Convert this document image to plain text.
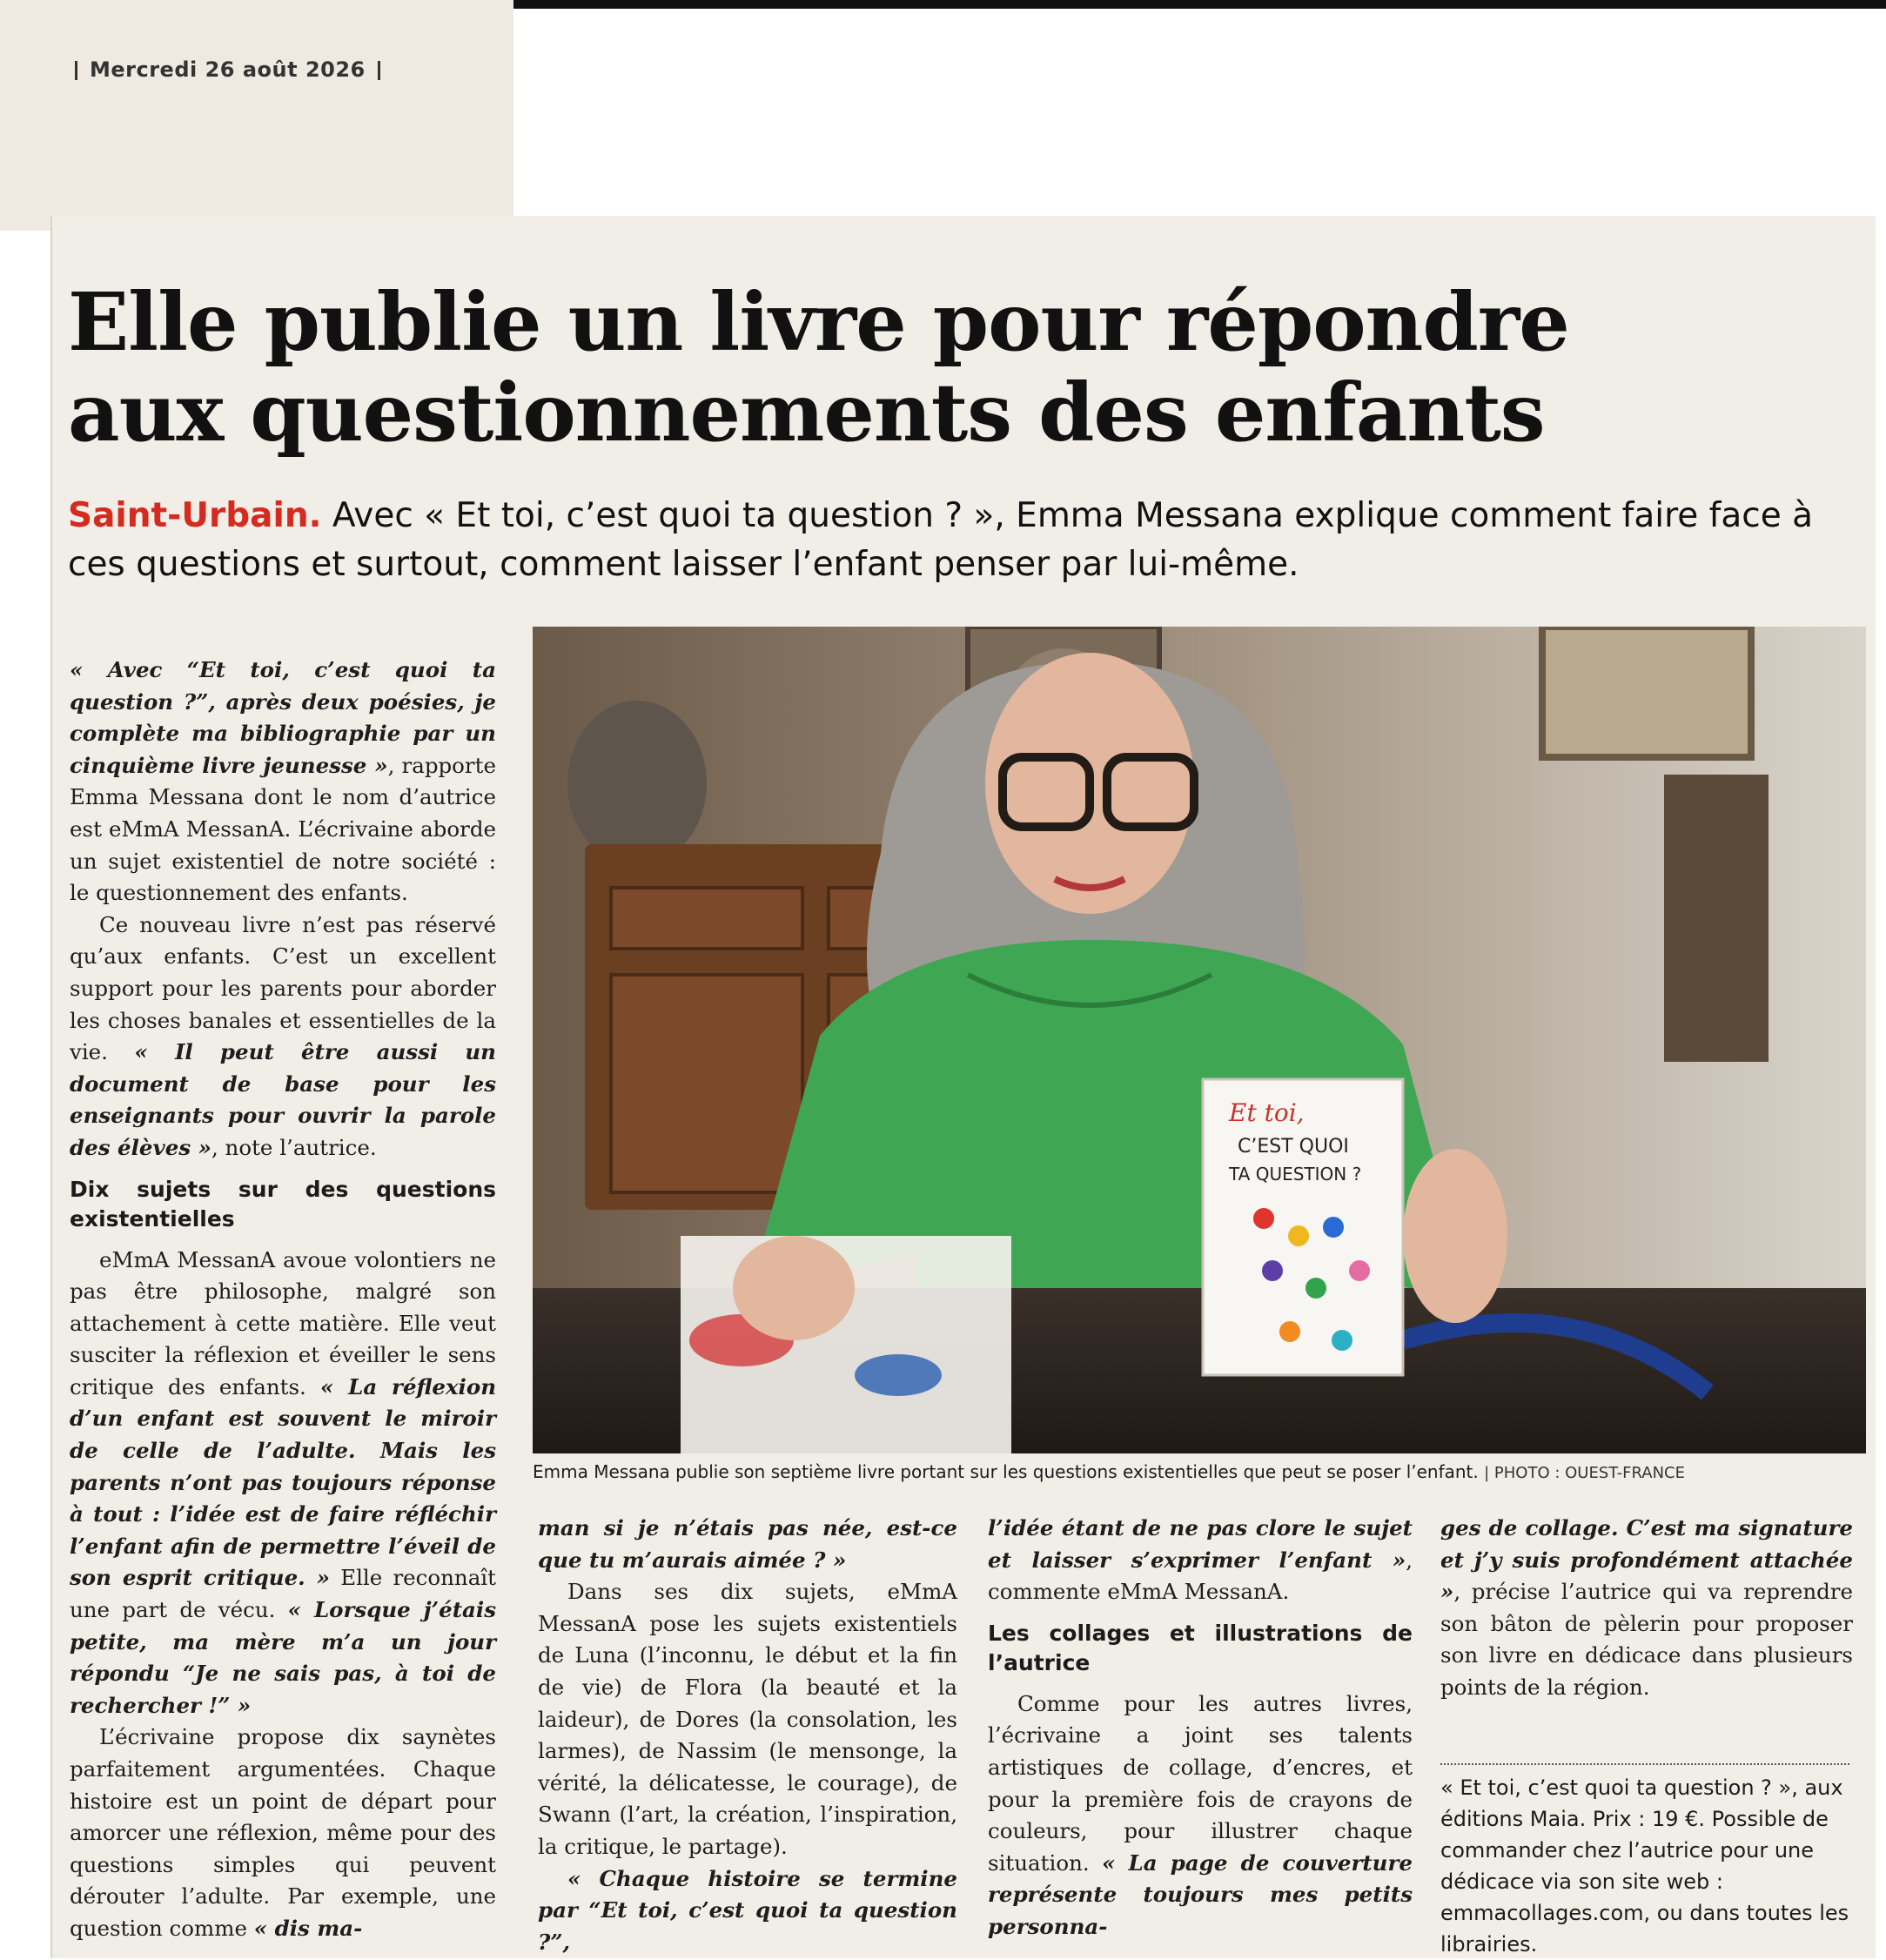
Mercredi 26 août 2026
Elle publie un livre pour répondre
aux questionnements des enfants
Saint-Urbain. Avec « Et toi, c’est quoi ta question ? », Emma Messana explique comment faire face à ces questions et surtout, comment laisser l’enfant penser par lui-même.

« Avec “Et toi, c’est quoi ta question ?”, après deux poésies, je complète ma bibliographie par un cinquième livre jeunesse », rapporte Emma Messana dont le nom d’autrice est eMmA MessanA. L’écrivaine aborde un sujet existentiel de notre société : le questionnement des enfants.

Ce nouveau livre n’est pas réservé qu’aux enfants. C’est un excellent support pour les parents pour aborder les choses banales et essentielles de la vie. « Il peut être aussi un document de base pour les enseignants pour ouvrir la parole des élèves », note l’autrice.

Dix sujets sur des questions existentielles

eMmA MessanA avoue volontiers ne pas être philosophe, malgré son attachement à cette matière. Elle veut susciter la réflexion et éveiller le sens critique des enfants. « La réflexion d’un enfant est souvent le miroir de celle de l’adulte. Mais les parents n’ont pas toujours réponse à tout : l’idée est de faire réfléchir l’enfant afin de permettre l’éveil de son esprit critique. » Elle reconnaît une part de vécu. « Lorsque j’étais petite, ma mère m’a un jour répondu “Je ne sais pas, à toi de rechercher !” »

L’écrivaine propose dix saynètes parfaitement argumentées. Chaque histoire est un point de départ pour amorcer une réflexion, même pour des questions simples qui peuvent dérouter l’adulte. Par exemple, une question comme « dis ma-

Et toi,
C’EST QUOI
TA QUESTION ?
Emma Messana publie son septième livre portant sur les questions existentielles que peut se poser l’enfant. | PHOTO : OUEST-FRANCE

man si je n’étais pas née, est-ce que tu m’aurais aimée ? »

Dans ses dix sujets, eMmA MessanA pose les sujets existentiels de Luna (l’inconnu, le début et la fin de vie) de Flora (la beauté et la laideur), de Dores (la consolation, les larmes), de Nassim (le mensonge, la vérité, la délicatesse, le courage), de Swann (l’art, la création, l’inspiration, la critique, le partage).

« Chaque histoire se termine par “Et toi, c’est quoi ta question ?”,

l’idée étant de ne pas clore le sujet et laisser s’exprimer l’enfant », commente eMmA MessanA.

Les collages et illustrations de l’autrice

Comme pour les autres livres, l’écrivaine a joint ses talents artistiques de collage, d’encres, et pour la première fois de crayons de couleurs, pour illustrer chaque situation. « La page de couverture représente toujours mes petits personna-

ges de collage. C’est ma signature et j’y suis profondément attachée », précise l’autrice qui va reprendre son bâton de pèlerin pour proposer son livre en dédicace dans plusieurs points de la région.

« Et toi, c’est quoi ta question ? », aux éditions Maia. Prix : 19 €. Possible de commander chez l’autrice pour une dédicace via son site web : emmacollages.com, ou dans toutes les librairies.
